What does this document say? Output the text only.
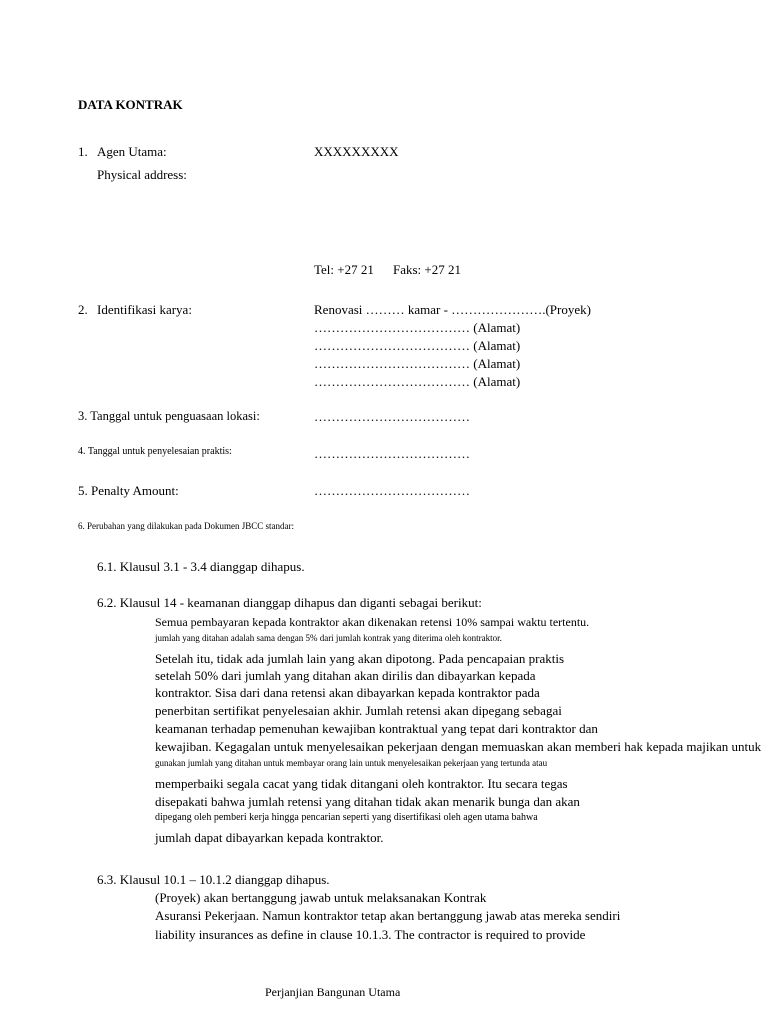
DATA KONTRAK
1. Agen Utama:	XXXXXXXXX
Physical address:
Tel: +27 21 Faks: +27 21
2. Identifikasi karya:	Renovasi ……… kamar - ………………….(Proyek)
……………………………… (Alamat)
……………………………… (Alamat)
……………………………… (Alamat)
……………………………… (Alamat)
3. Tanggal untuk penguasaan lokasi:	………………………………
4. Tanggal untuk penyelesaian praktis:	………………………………
5. Penalty Amount:	………………………………
6. Perubahan yang dilakukan pada Dokumen JBCC standar:
6.1. Klausul 3.1 - 3.4 dianggap dihapus.
6.2. Klausul 14 - keamanan dianggap dihapus dan diganti sebagai berikut:
Semua pembayaran kepada kontraktor akan dikenakan retensi 10% sampai waktu tertentu.
jumlah yang ditahan adalah sama dengan 5% dari jumlah kontrak yang diterima oleh kontraktor.
Setelah itu, tidak ada jumlah lain yang akan dipotong. Pada pencapaian praktis
setelah 50% dari jumlah yang ditahan akan dirilis dan dibayarkan kepada
kontraktor. Sisa dari dana retensi akan dibayarkan kepada kontraktor pada
penerbitan sertifikat penyelesaian akhir. Jumlah retensi akan dipegang sebagai
keamanan terhadap pemenuhan kewajiban kontraktual yang tepat dari kontraktor dan
kewajiban. Kegagalan untuk menyelesaikan pekerjaan dengan memuaskan akan memberi hak kepada majikan untuk
gunakan jumlah yang ditahan untuk membayar orang lain untuk menyelesaikan pekerjaan yang tertunda atau
memperbaiki segala cacat yang tidak ditangani oleh kontraktor. Itu secara tegas
disepakati bahwa jumlah retensi yang ditahan tidak akan menarik bunga dan akan
dipegang oleh pemberi kerja hingga pencarian seperti yang disertifikasi oleh agen utama bahwa
jumlah dapat dibayarkan kepada kontraktor.
6.3. Klausul 10.1 – 10.1.2 dianggap dihapus.
(Proyek) akan bertanggung jawab untuk melaksanakan Kontrak
Asuransi Pekerjaan. Namun kontraktor tetap akan bertanggung jawab atas mereka sendiri
liability insurances as define in clause 10.1.3. The contractor is required to provide
Perjanjian Bangunan Utama
